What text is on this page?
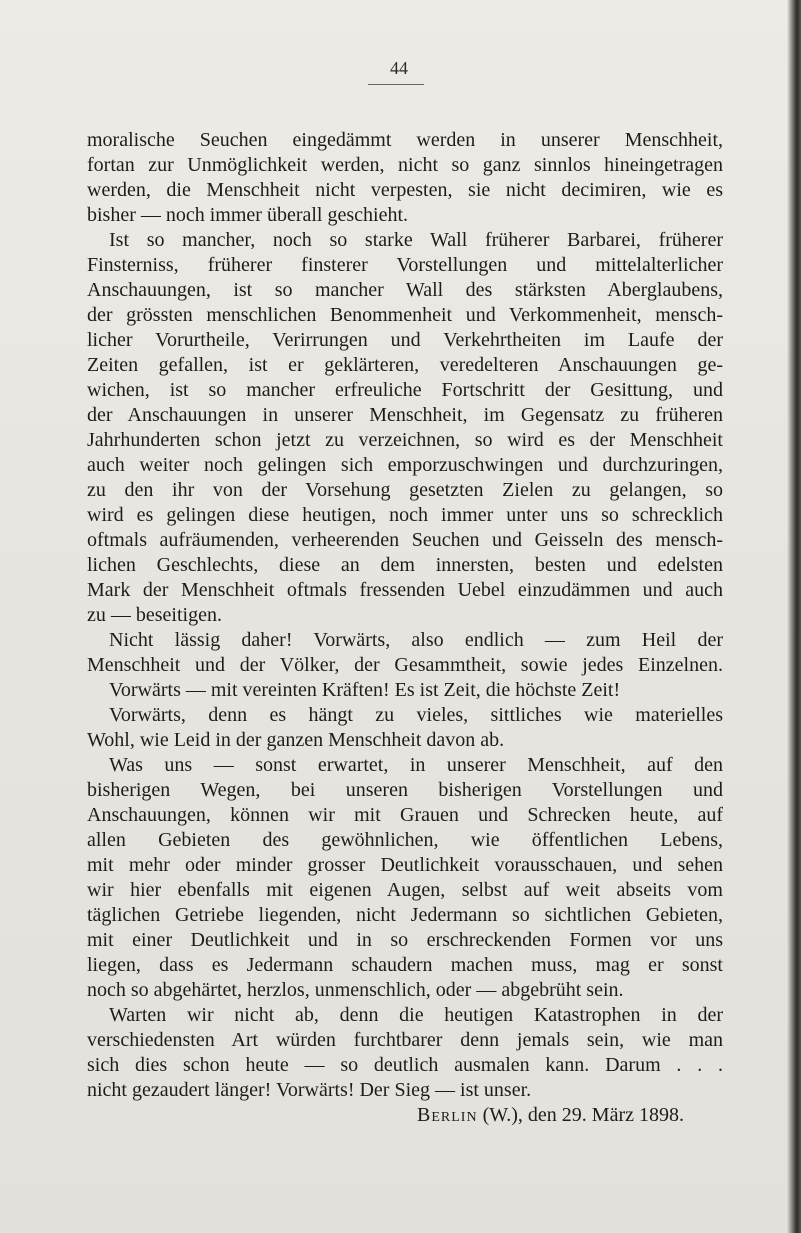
44
moralische Seuchen eingedämmt werden in unserer Menschheit,
fortan zur Unmöglichkeit werden, nicht so ganz sinnlos hineingetragen
werden, die Menschheit nicht verpesten, sie nicht decimiren, wie es
bisher — noch immer überall geschieht.
Ist so mancher, noch so starke Wall früherer Barbarei, früherer
Finsterniss, früherer finsterer Vorstellungen und mittelalterlicher
Anschauungen, ist so mancher Wall des stärksten Aberglaubens,
der grössten menschlichen Benommenheit und Verkommenheit, mensch-
licher Vorurtheile, Verirrungen und Verkehrtheiten im Laufe der
Zeiten gefallen, ist er geklärteren, veredelteren Anschauungen ge-
wichen, ist so mancher erfreuliche Fortschritt der Gesittung, und
der Anschauungen in unserer Menschheit, im Gegensatz zu früheren
Jahrhunderten schon jetzt zu verzeichnen, so wird es der Menschheit
auch weiter noch gelingen sich emporzuschwingen und durchzuringen,
zu den ihr von der Vorsehung gesetzten Zielen zu gelangen, so
wird es gelingen diese heutigen, noch immer unter uns so schrecklich
oftmals aufräumenden, verheerenden Seuchen und Geisseln des mensch-
lichen Geschlechts, diese an dem innersten, besten und edelsten
Mark der Menschheit oftmals fressenden Uebel einzudämmen und auch
zu — beseitigen.
Nicht lässig daher! Vorwärts, also endlich — zum Heil der
Menschheit und der Völker, der Gesammtheit, sowie jedes Einzelnen.
Vorwärts — mit vereinten Kräften! Es ist Zeit, die höchste Zeit!
Vorwärts, denn es hängt zu vieles, sittliches wie materielles
Wohl, wie Leid in der ganzen Menschheit davon ab.
Was uns — sonst erwartet, in unserer Menschheit, auf den
bisherigen Wegen, bei unseren bisherigen Vorstellungen und
Anschauungen, können wir mit Grauen und Schrecken heute, auf
allen Gebieten des gewöhnlichen, wie öffentlichen Lebens,
mit mehr oder minder grosser Deutlichkeit vorausschauen, und sehen
wir hier ebenfalls mit eigenen Augen, selbst auf weit abseits vom
täglichen Getriebe liegenden, nicht Jedermann so sichtlichen Gebieten,
mit einer Deutlichkeit und in so erschreckenden Formen vor uns
liegen, dass es Jedermann schaudern machen muss, mag er sonst
noch so abgehärtet, herzlos, unmenschlich, oder — abgebrüht sein.
Warten wir nicht ab, denn die heutigen Katastrophen in der
verschiedensten Art würden furchtbarer denn jemals sein, wie man
sich dies schon heute — so deutlich ausmalen kann. Darum . . .
nicht gezaudert länger! Vorwärts! Der Sieg — ist unser.
Berlin (W.), den 29. März 1898.
